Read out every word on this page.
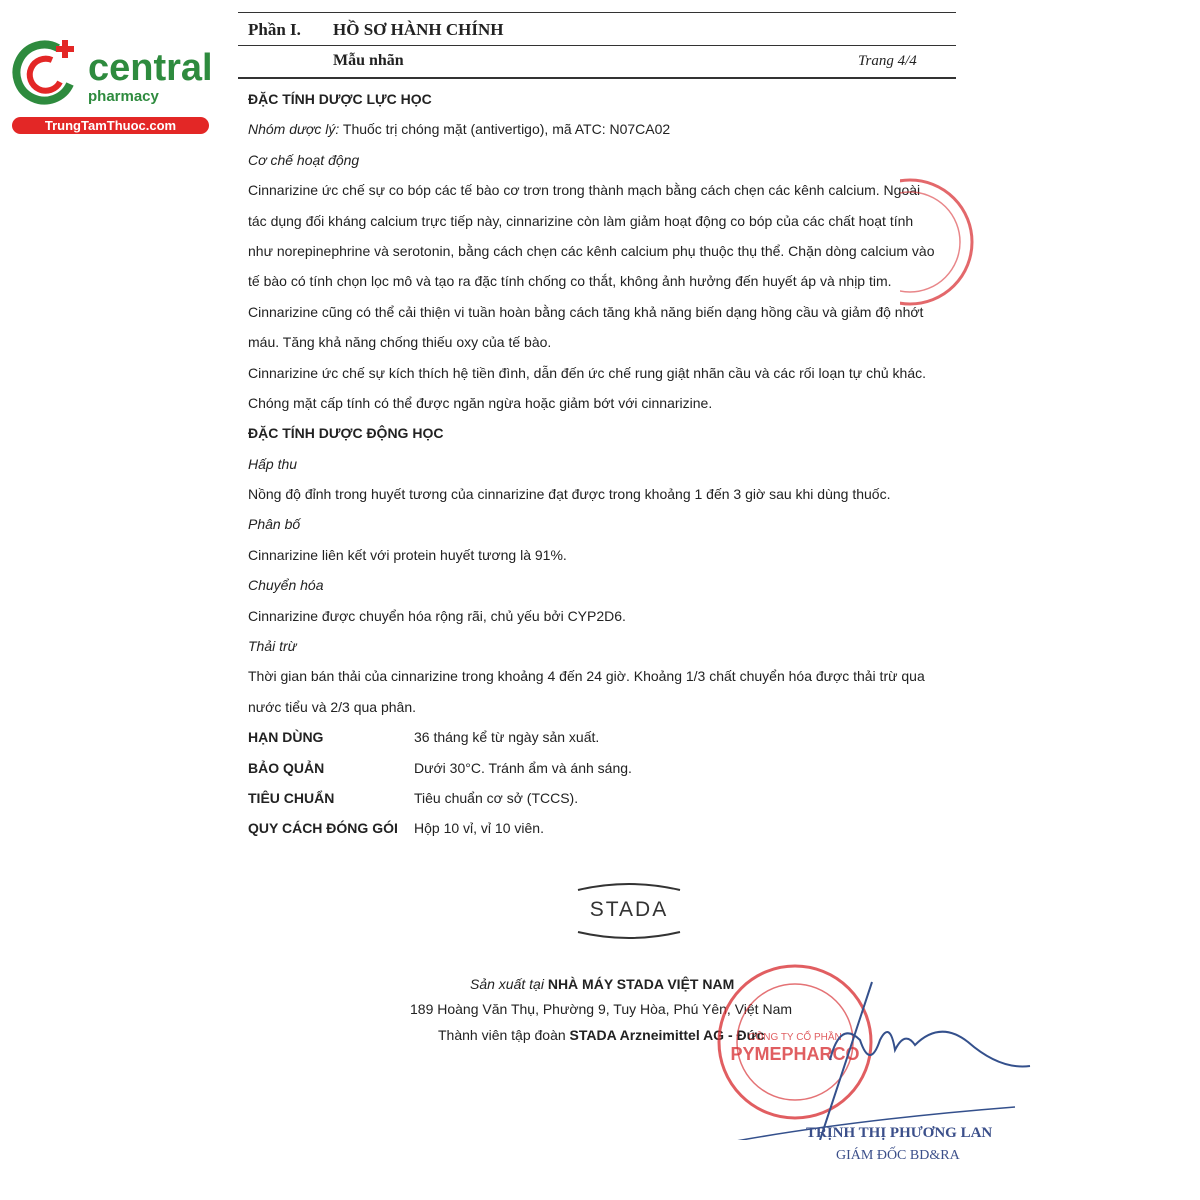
central
pharmacy
TrungTamThuoc.com
Phần I. HỒ SƠ HÀNH CHÍNH
Mẫu nhãn	Trang 4/4
ĐẶC TÍNH DƯỢC LỰC HỌC
Nhóm dược lý: Thuốc trị chóng mặt (antivertigo), mã ATC: N07CA02
Cơ chế hoạt động
Cinnarizine ức chế sự co bóp các tế bào cơ trơn trong thành mạch bằng cách chẹn các kênh calcium. Ngoài
tác dụng đối kháng calcium trực tiếp này, cinnarizine còn làm giảm hoạt động co bóp của các chất hoạt tính
như norepinephrine và serotonin, bằng cách chẹn các kênh calcium phụ thuộc thụ thể. Chặn dòng calcium vào
tế bào có tính chọn lọc mô và tạo ra đặc tính chống co thắt, không ảnh hưởng đến huyết áp và nhịp tim.
Cinnarizine cũng có thể cải thiện vi tuần hoàn bằng cách tăng khả năng biến dạng hồng cầu và giảm độ nhớt
máu. Tăng khả năng chống thiếu oxy của tế bào.
Cinnarizine ức chế sự kích thích hệ tiền đình, dẫn đến ức chế rung giật nhãn cầu và các rối loạn tự chủ khác.
Chóng mặt cấp tính có thể được ngăn ngừa hoặc giảm bớt với cinnarizine.
ĐẶC TÍNH DƯỢC ĐỘNG HỌC
Hấp thu
Nồng độ đỉnh trong huyết tương của cinnarizine đạt được trong khoảng 1 đến 3 giờ sau khi dùng thuốc.
Phân bố
Cinnarizine liên kết với protein huyết tương là 91%.
Chuyển hóa
Cinnarizine được chuyển hóa rộng rãi, chủ yếu bởi CYP2D6.
Thải trừ
Thời gian bán thải của cinnarizine trong khoảng 4 đến 24 giờ. Khoảng 1/3 chất chuyển hóa được thải trừ qua
nước tiểu và 2/3 qua phân.
HẠN DÙNG	36 tháng kể từ ngày sản xuất.
BẢO QUẢN	Dưới 30°C. Tránh ẩm và ánh sáng.
TIÊU CHUẨN	Tiêu chuẩn cơ sở (TCCS).
QUY CÁCH ĐÓNG GÓI	Hộp 10 vỉ, vỉ 10 viên.
STADA
Sản xuất tại NHÀ MÁY STADA VIỆT NAM
189 Hoàng Văn Thụ, Phường 9, Tuy Hòa, Phú Yên, Việt Nam
Thành viên tập đoàn STADA Arzneimittel AG - Đức
CÔNG TY CỔ PHẦN
PYMEPHARCO
TRỊNH THỊ PHƯƠNG LAN
GIÁM ĐỐC BD&RA
